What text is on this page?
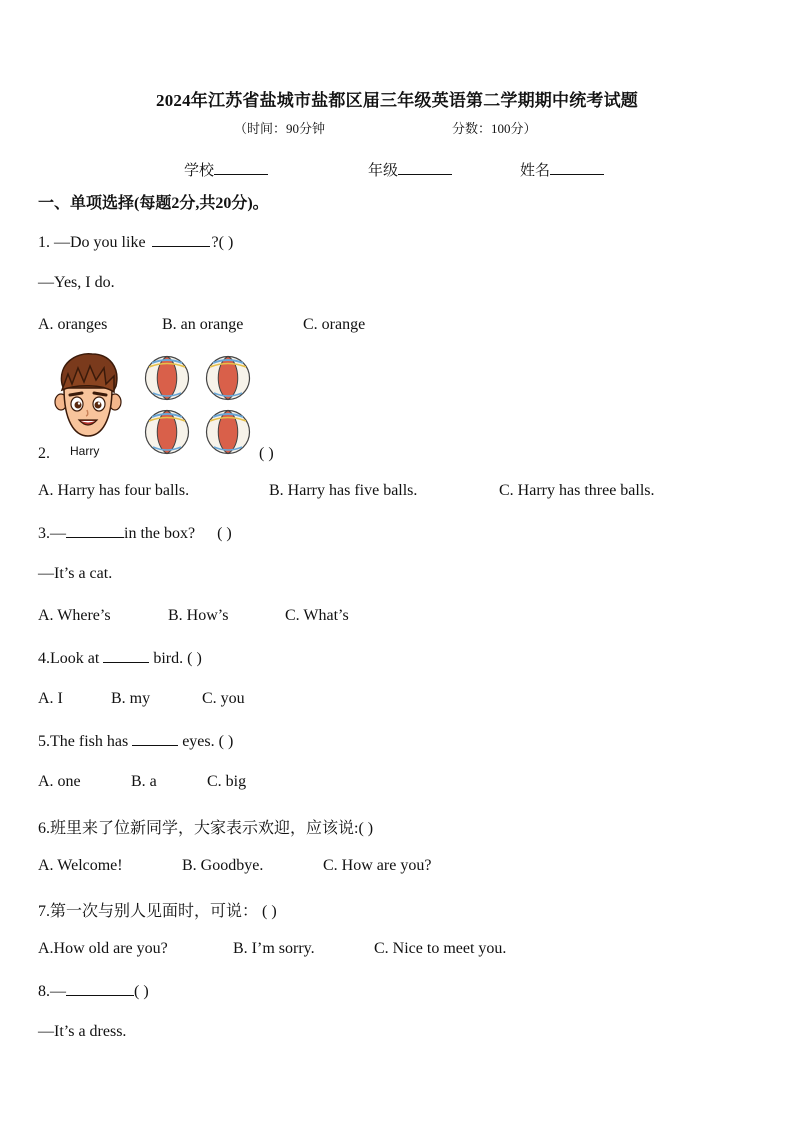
2024年江苏省盐城市盐都区届三年级英语第二学期期中统考试题
（时间：90分钟	分数：100分）
学校	年级	姓名
一、单项选择(每题2分,共20分)。
1. —Do you like	?( )
—Yes, I do.
A. oranges	B. an orange	C. orange
2. Harry	( )
A. Harry has four balls.	B. Harry has five balls.	C. Harry has three balls.
3.—	in the box? ( )
—It’s a cat.
A. Where’s	B. How’s	C. What’s
4.Look at	bird. ( )
A. I	B. my	C. you
5.The fish has	eyes. ( )
A. one	B. a	C. big
6.班里来了位新同学，大家表示欢迎，应该说:( )
A. Welcome!	B. Goodbye.	C. How are you?
7.第一次与别人见面时，可说： ( )
A.How old are you?	B. I’m sorry.	C. Nice to meet you.
8.—	( )
—It’s a dress.
